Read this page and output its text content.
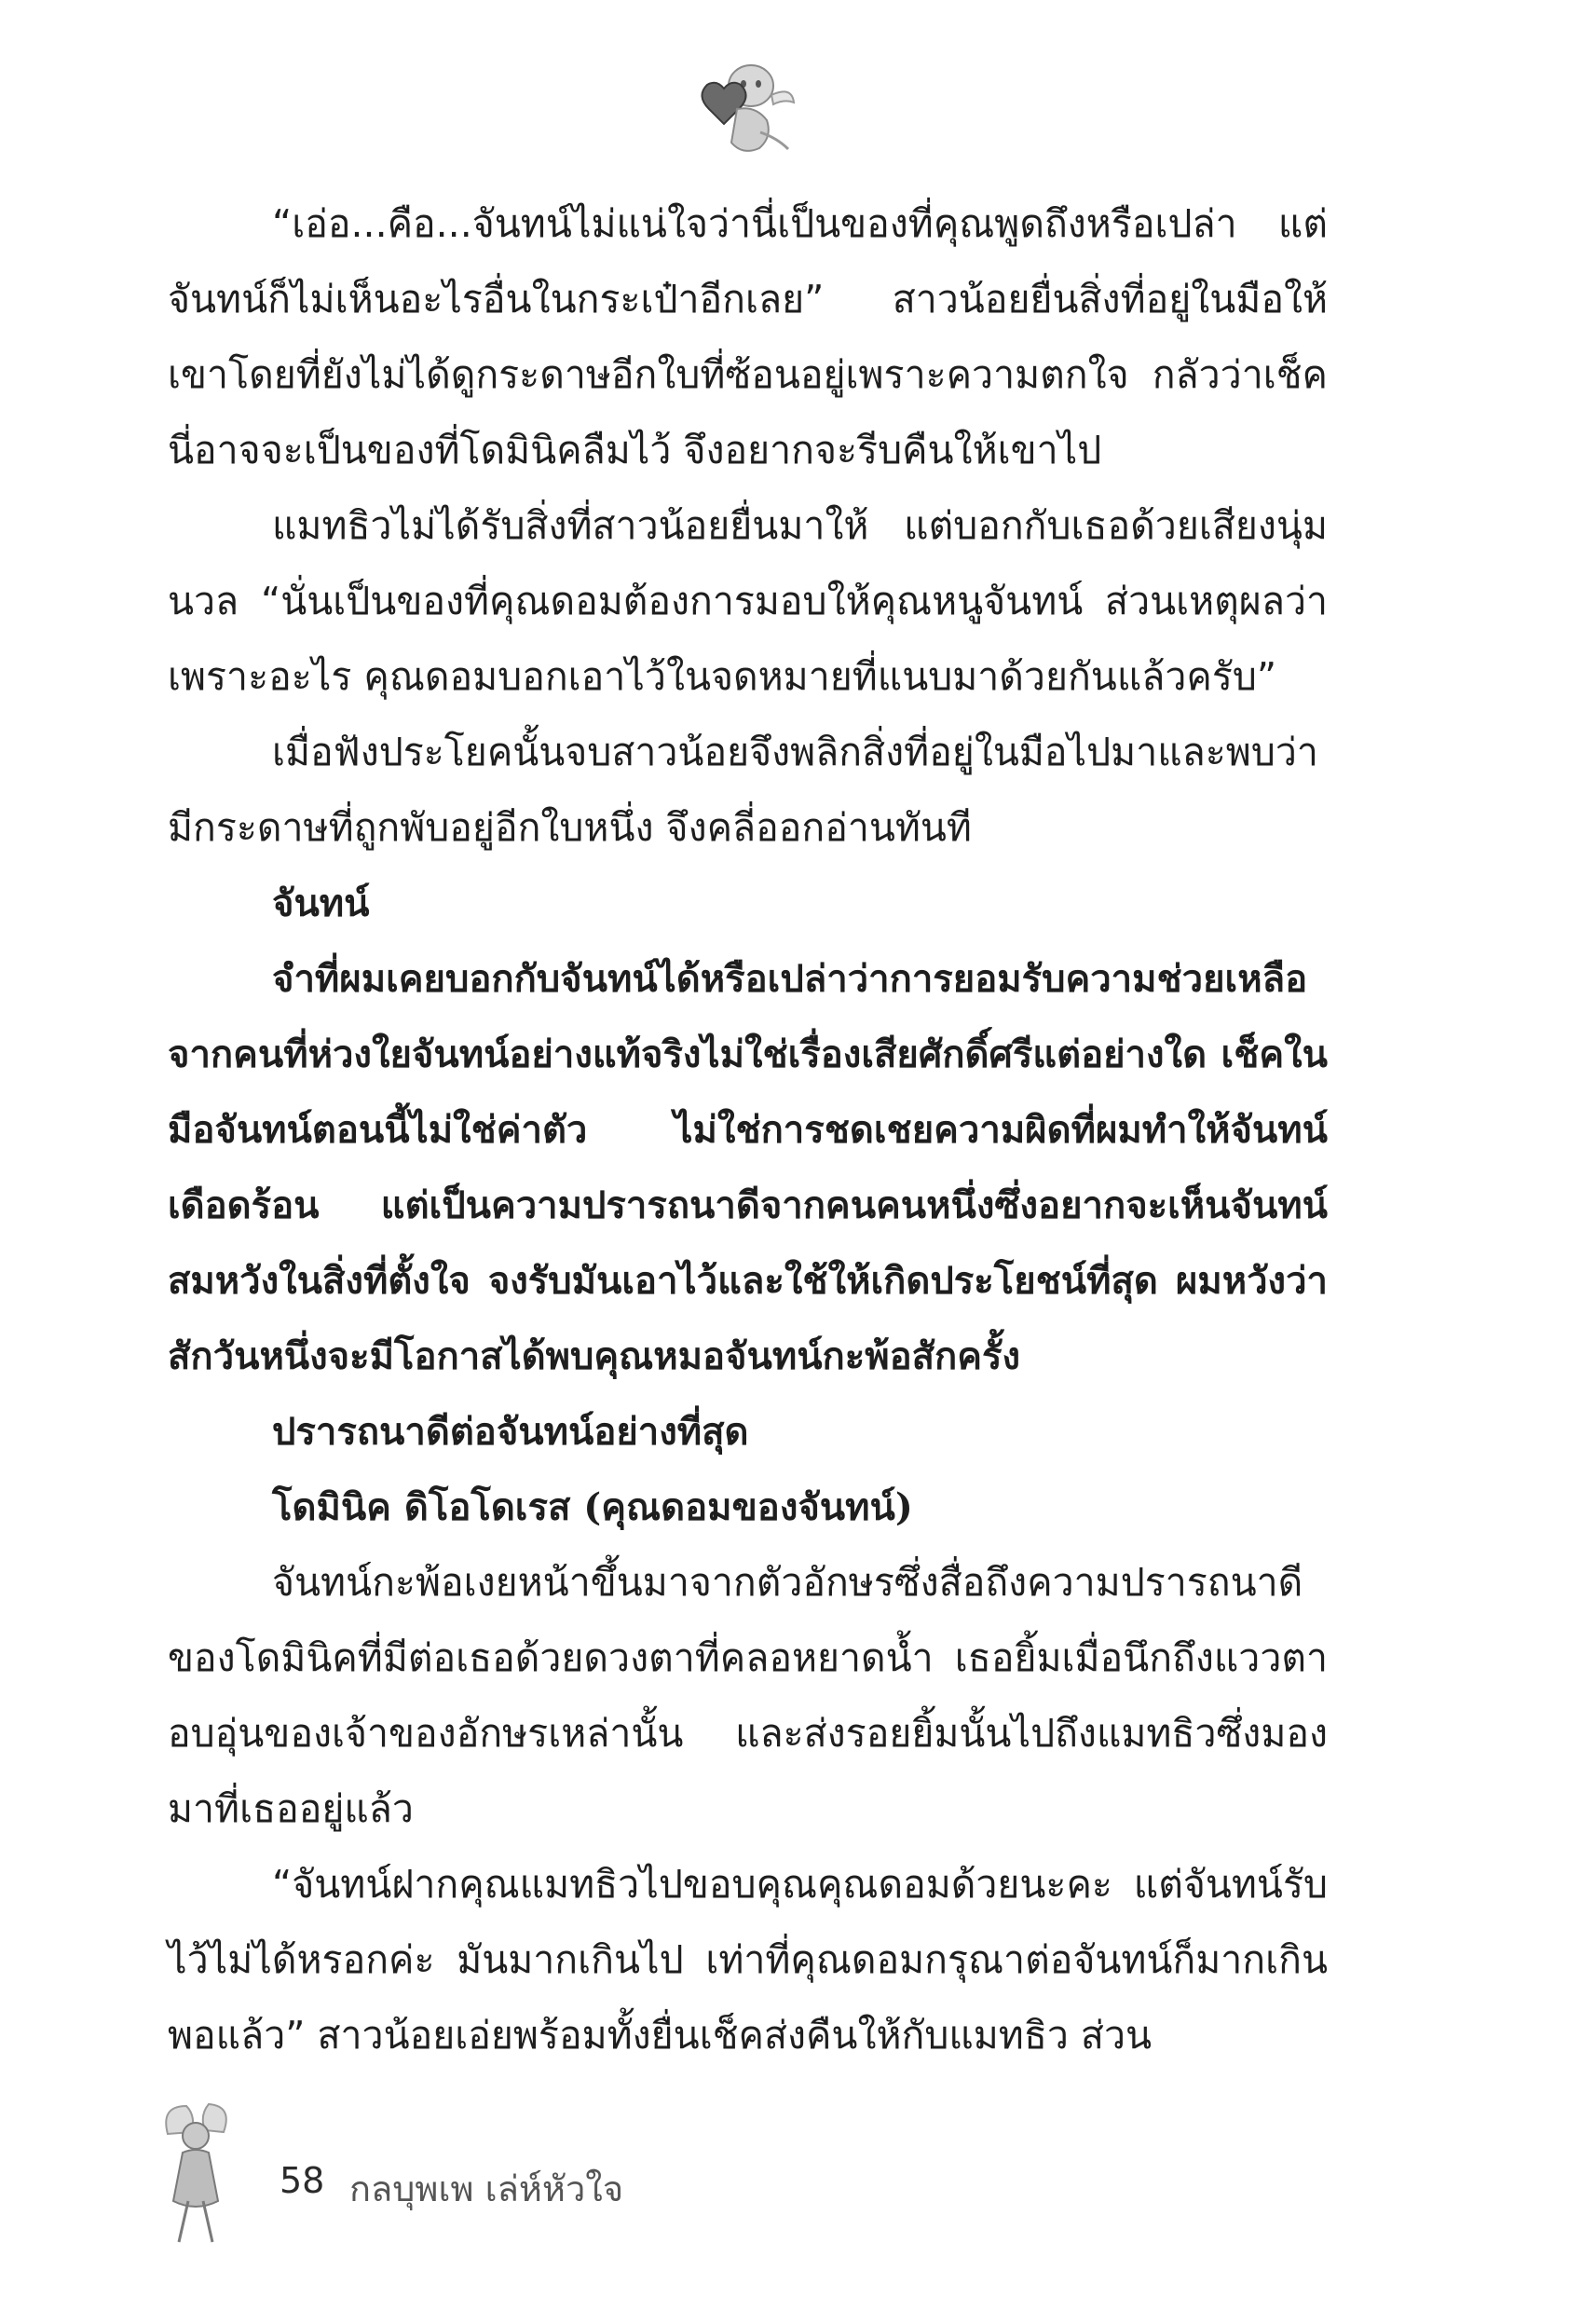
“เอ่อ...คือ...จันทน์ไม่แน่ใจว่านี่เป็นของที่คุณพูดถึงหรือเปล่า แต่จันทน์ก็ไม่เห็นอะไรอื่นในกระเป๋าอีกเลย” สาวน้อยยื่นสิ่งที่อยู่ในมือให้เขาโดยที่ยังไม่ได้ดูกระดาษอีกใบที่ซ้อนอยู่เพราะความตกใจ กลัวว่าเช็คนี่อาจจะเป็นของที่โดมินิคลืมไว้ จึงอยากจะรีบคืนให้เขาไป

แมทธิวไม่ได้รับสิ่งที่สาวน้อยยื่นมาให้ แต่บอกกับเธอด้วยเสียงนุ่มนวล “นั่นเป็นของที่คุณดอมต้องการมอบให้คุณหนูจันทน์ ส่วนเหตุผลว่าเพราะอะไร คุณดอมบอกเอาไว้ในจดหมายที่แนบมาด้วยกันแล้วครับ”

เมื่อฟังประโยคนั้นจบสาวน้อยจึงพลิกสิ่งที่อยู่ในมือไปมาและพบว่ามีกระดาษที่ถูกพับอยู่อีกใบหนึ่ง จึงคลี่ออกอ่านทันที

จันทน์

จำที่ผมเคยบอกกับจันทน์ได้หรือเปล่าว่าการยอมรับความช่วยเหลือจากคนที่ห่วงใยจันทน์อย่างแท้จริงไม่ใช่เรื่องเสียศักดิ์ศรีแต่อย่างใด เช็คในมือจันทน์ตอนนี้ไม่ใช่ค่าตัว ไม่ใช่การชดเชยความผิดที่ผมทำให้จันทน์เดือดร้อน แต่เป็นความปรารถนาดีจากคนคนหนึ่งซึ่งอยากจะเห็นจันทน์สมหวังในสิ่งที่ตั้งใจ จงรับมันเอาไว้และใช้ให้เกิดประโยชน์ที่สุด ผมหวังว่าสักวันหนึ่งจะมีโอกาสได้พบคุณหมอจันทน์กะพ้อสักครั้ง

ปรารถนาดีต่อจันทน์อย่างที่สุด

โดมินิค ดิโอโดเรส (คุณดอมของจันทน์)

จันทน์กะพ้อเงยหน้าขึ้นมาจากตัวอักษรซึ่งสื่อถึงความปรารถนาดีของโดมินิคที่มีต่อเธอด้วยดวงตาที่คลอหยาดน้ำ เธอยิ้มเมื่อนึกถึงแววตาอบอุ่นของเจ้าของอักษรเหล่านั้น และส่งรอยยิ้มนั้นไปถึงแมทธิวซึ่งมองมาที่เธออยู่แล้ว

“จันทน์ฝากคุณแมทธิวไปขอบคุณคุณดอมด้วยนะคะ แต่จันทน์รับไว้ไม่ได้หรอกค่ะ มันมากเกินไป เท่าที่คุณดอมกรุณาต่อจันทน์ก็มากเกินพอแล้ว” สาวน้อยเอ่ยพร้อมทั้งยื่นเช็คส่งคืนให้กับแมทธิว ส่วน

58 กลบุพเพ เล่ห์หัวใจ
